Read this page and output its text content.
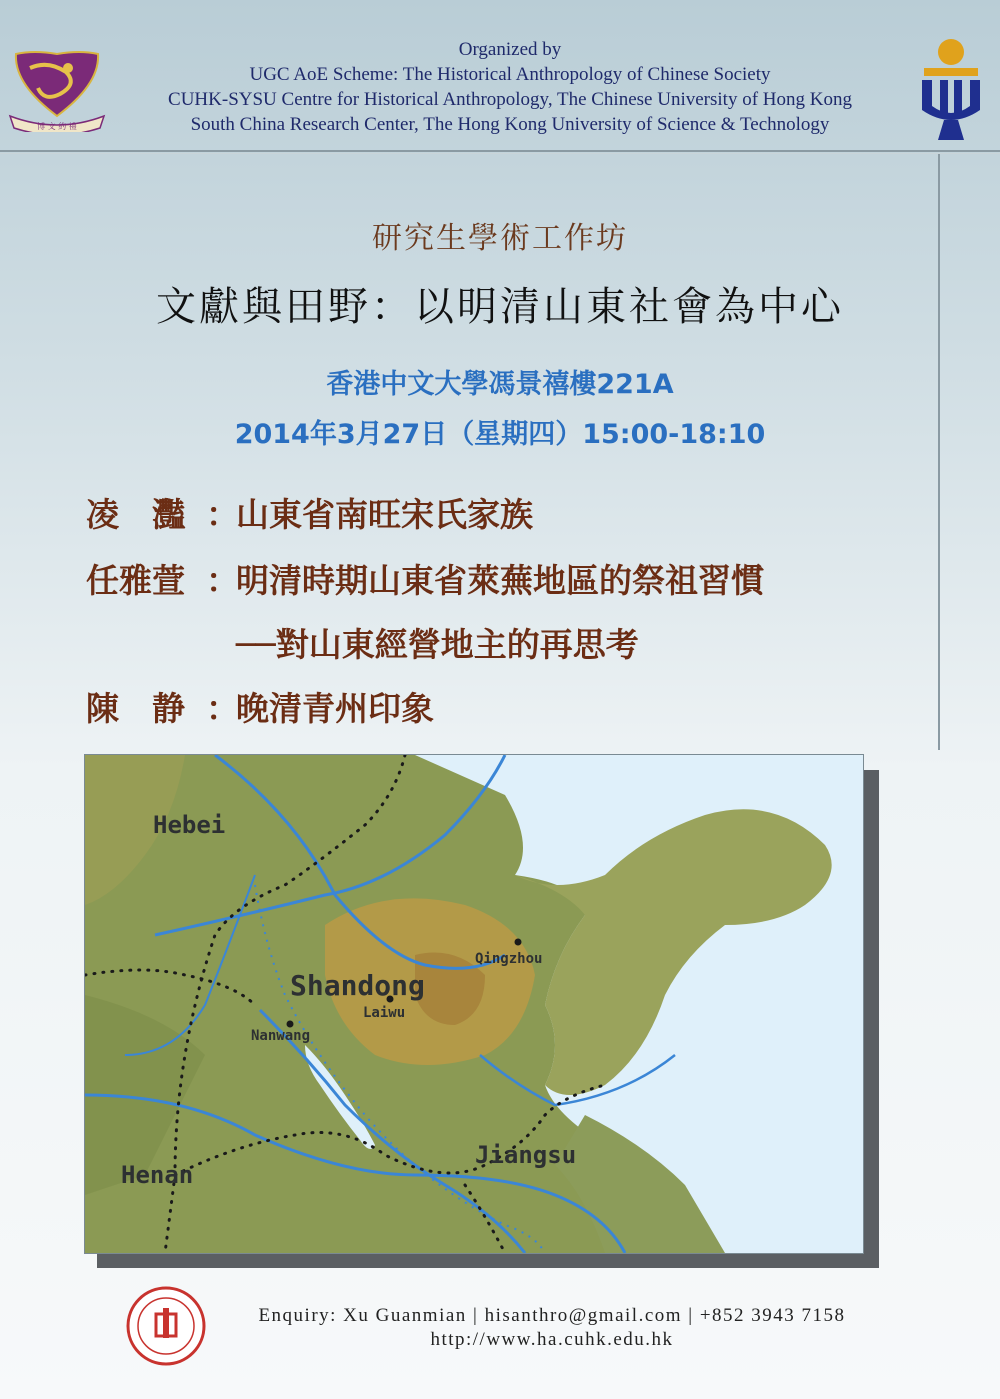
博 文 約 禮
Organized by
UGC AoE Scheme: The Historical Anthropology of Chinese Society
CUHK-SYSU Centre for Historical Anthropology, The Chinese University of Hong Kong
South China Research Center, The Hong Kong University of Science & Technology
研究生學術工作坊
文獻與田野：以明清山東社會為中心
香港中文大學馮景禧樓221A
2014年3月27日（星期四）15:00-18:10
凌　灩 ：山東省南旺宋氏家族
任雅萱 ：明清時期山東省萊蕪地區的祭祖習慣
──對山東經營地主的再思考
陳　静 ：晚清青州印象
Hebei
Shandong
Qingzhou
Laiwu
Nanwang
Henan
Jiangsu
Enquiry: Xu Guanmian | hisanthro@gmail.com | +852 3943 7158
http://www.ha.cuhk.edu.hk
